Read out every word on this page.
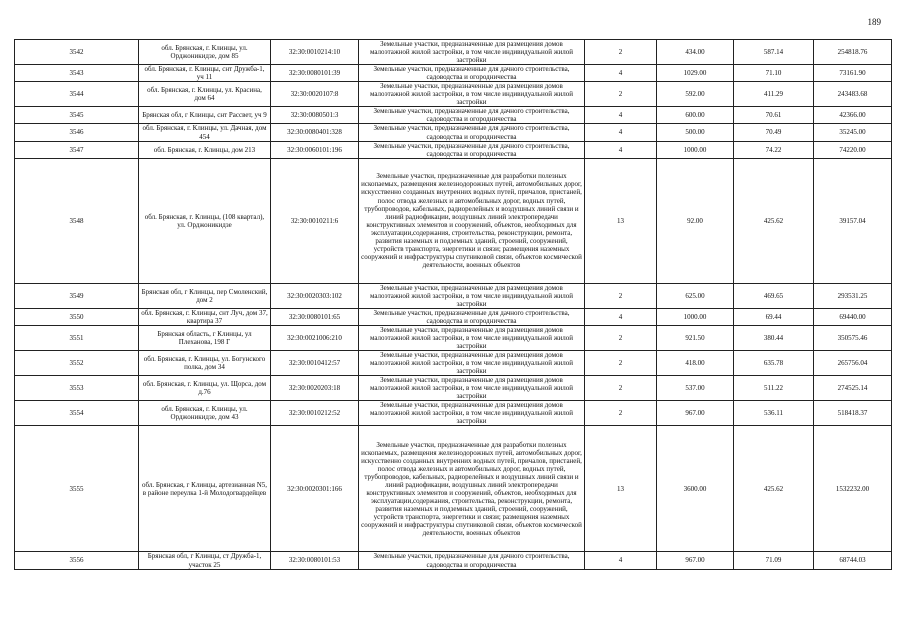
189
3542	обл. Брянская, г. Клинцы, ул. Орджоникидзе, дом 85	32:30:0010214:10	Земельные участки, предназначенные для размещения домов малоэтажной жилой застройки, в том числе индивидуальной жилой застройки	2	434.00	587.14	254818.76
3543	обл. Брянская, г. Клинцы, снт Дружба-1, уч 11	32:30:0080101:39	Земельные участки, предназначенные для дачного строительства, садоводства и огородничества	4	1029.00	71.10	73161.90
3544	обл. Брянская, г. Клинцы, ул. Красина, дом 64	32:30:0020107:8	Земельные участки, предназначенные для размещения домов малоэтажной жилой застройки, в том числе индивидуальной жилой застройки	2	592.00	411.29	243483.68
3545	Брянская обл, г Клинцы, снт Рассвет, уч 9	32:30:0080501:3	Земельные участки, предназначенные для дачного строительства, садоводства и огородничества	4	600.00	70.61	42366.00
3546	обл. Брянская, г. Клинцы, ул. Дачная, дом 454	32:30:0080401:328	Земельные участки, предназначенные для дачного строительства, садоводства и огородничества	4	500.00	70.49	35245.00
3547	обл. Брянская, г. Клинцы, дом 213	32:30:0060101:196	Земельные участки, предназначенные для дачного строительства, садоводства и огородничества	4	1000.00	74.22	74220.00
3548	обл. Брянская, г. Клинцы, (108 квартал), ул. Орджоникидзе	32:30:0010211:6	Земельные участки, предназначенные для разработки полезных ископаемых, размещения железнодорожных путей, автомобильных дорог, искусственно созданных внутренних водных путей, причалов, пристаней, полос отвода железных и автомобильных дорог, водных путей, трубопроводов, кабельных, радиорелейных и воздушных линий связи и линий радиофикации, воздушных линий электропередачи конструктивных элементов и сооружений, объектов, необходимых для эксплуатации,содержания, строительства, реконструкции, ремонта, развития наземных и подземных зданий, строений, сооружений, устройств транспорта, энергетики и связи; размещения наземных сооружений и инфраструктуры спутниковой связи, объектов космической деятельности, военных объектов	13	92.00	425.62	39157.04
3549	Брянская обл, г Клинцы, пер Смоленский, дом 2	32:30:0020303:102	Земельные участки, предназначенные для размещения домов малоэтажной жилой застройки, в том числе индивидуальной жилой застройки	2	625.00	469.65	293531.25
3550	обл. Брянская, г. Клинцы, снт Луч, дом 37, квартира 37	32:30:0080101:65	Земельные участки, предназначенные для дачного строительства, садоводства и огородничества	4	1000.00	69.44	69440.00
3551	Брянская область, г Клинцы, ул Плеханова, 198 Г	32:30:0021006:210	Земельные участки, предназначенные для размещения домов малоэтажной жилой застройки, в том числе индивидуальной жилой застройки	2	921.50	380.44	350575.46
3552	обл. Брянская, г. Клинцы, ул. Богунского полка, дом 34	32:30:0010412:57	Земельные участки, предназначенные для размещения домов малоэтажной жилой застройки, в том числе индивидуальной жилой застройки	2	418.00	635.78	265756.04
3553	обл. Брянская, г. Клинцы, ул. Щорса, дом д.76	32:30:0020203:18	Земельные участки, предназначенные для размещения домов малоэтажной жилой застройки, в том числе индивидуальной жилой застройки	2	537.00	511.22	274525.14
3554	обл. Брянская, г. Клинцы, ул. Орджоникидзе, дом 43	32:30:0010212:52	Земельные участки, предназначенные для размещения домов малоэтажной жилой застройки, в том числе индивидуальной жилой застройки	2	967.00	536.11	518418.37
3555	обл. Брянская, г Клинцы, артезианная N5, в районе переулка 1-й Молодогвардейцев	32:30:0020301:166	Земельные участки, предназначенные для разработки полезных ископаемых, размещения железнодорожных путей, автомобильных дорог, искусственно созданных внутренних водных путей, причалов, пристаней, полос отвода железных и автомобильных дорог, водных путей, трубопроводов, кабельных, радиорелейных и воздушных линий связи и линий радиофикации, воздушных линий электропередачи конструктивных элементов и сооружений, объектов, необходимых для эксплуатации,содержания, строительства, реконструкции, ремонта, развития наземных и подземных зданий, строений, сооружений, устройств транспорта, энергетики и связи; размещения наземных сооружений и инфраструктуры спутниковой связи, объектов космической деятельности, военных объектов	13	3600.00	425.62	1532232.00
3556	Брянская обл, г Клинцы, ст Дружба-1, участок 25	32:30:0080101:53	Земельные участки, предназначенные для дачного строительства, садоводства и огородничества	4	967.00	71.09	68744.03
